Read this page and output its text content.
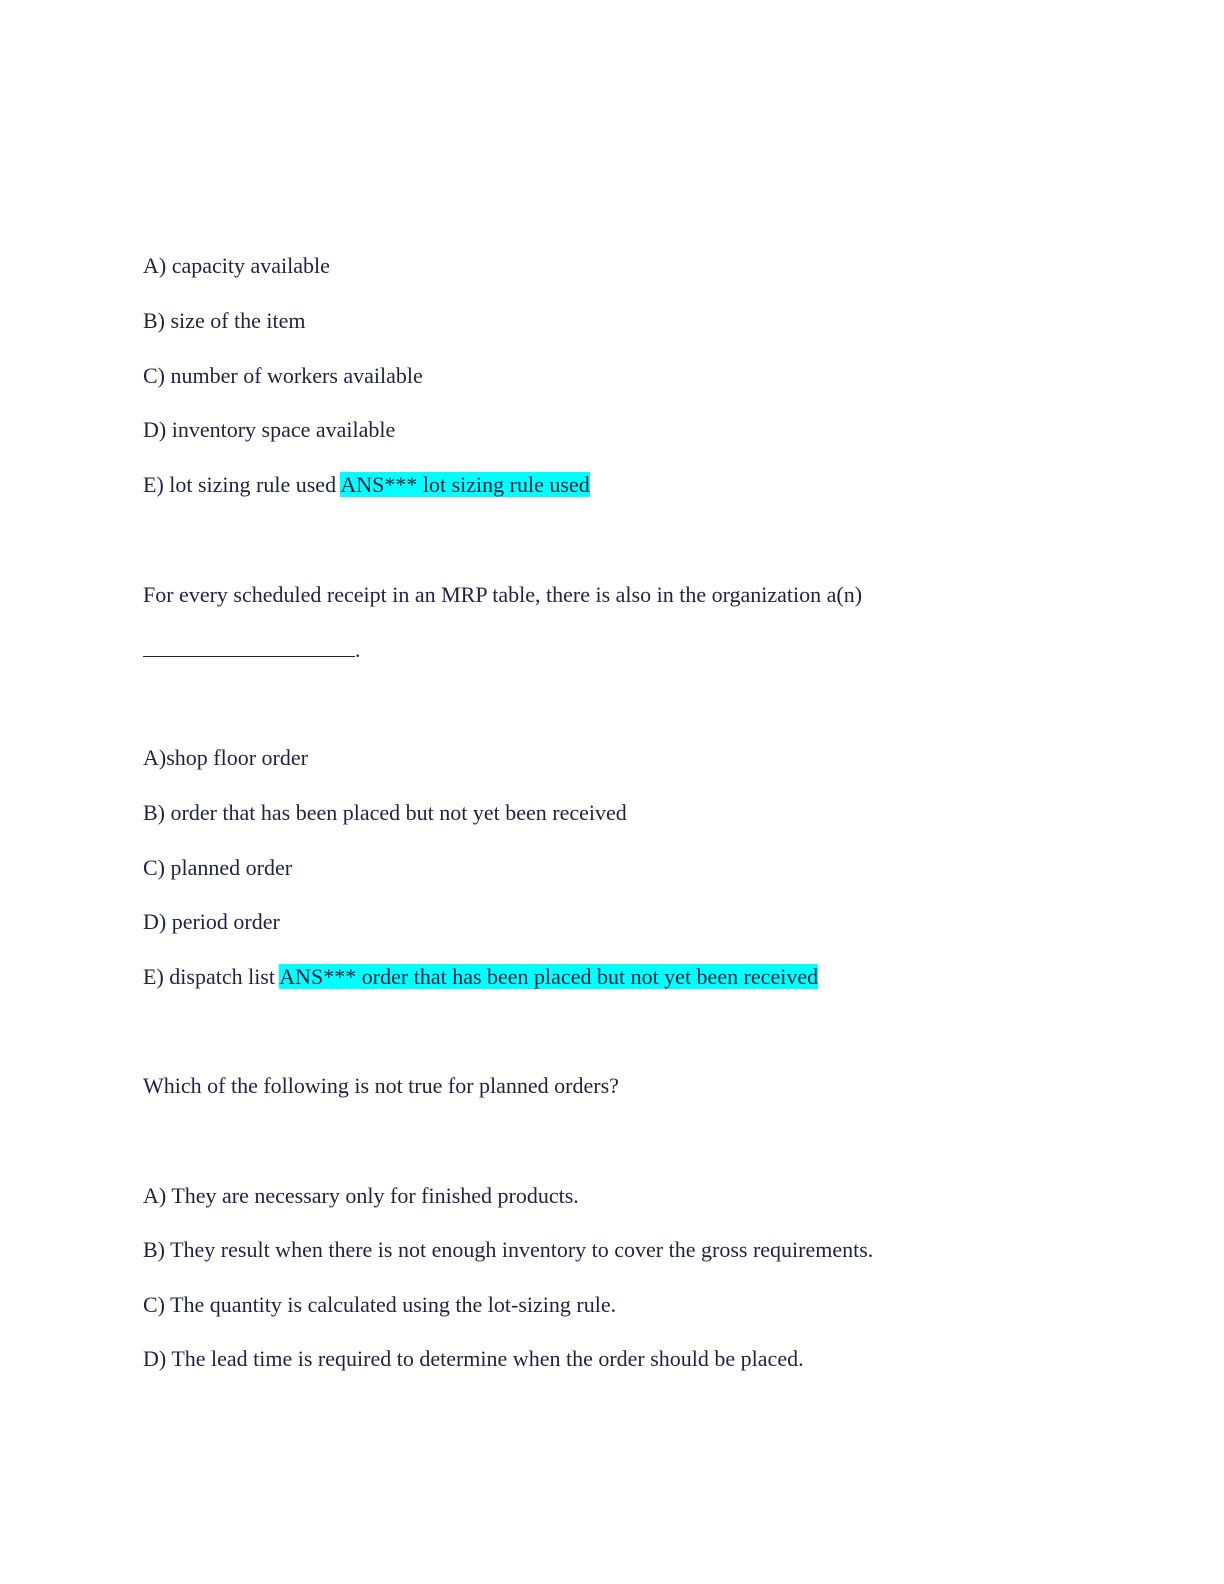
A) capacity available
B) size of the item
C) number of workers available
D) inventory space available
E) lot sizing rule used ANS*** lot sizing rule used
For every scheduled receipt in an MRP table, there is also in the organization a(n)
.
A)shop floor order
B) order that has been placed but not yet been received
C) planned order
D) period order
E) dispatch list ANS*** order that has been placed but not yet been received
Which of the following is not true for planned orders?
A) They are necessary only for finished products.
B) They result when there is not enough inventory to cover the gross requirements.
C) The quantity is calculated using the lot-sizing rule.
D) The lead time is required to determine when the order should be placed.
